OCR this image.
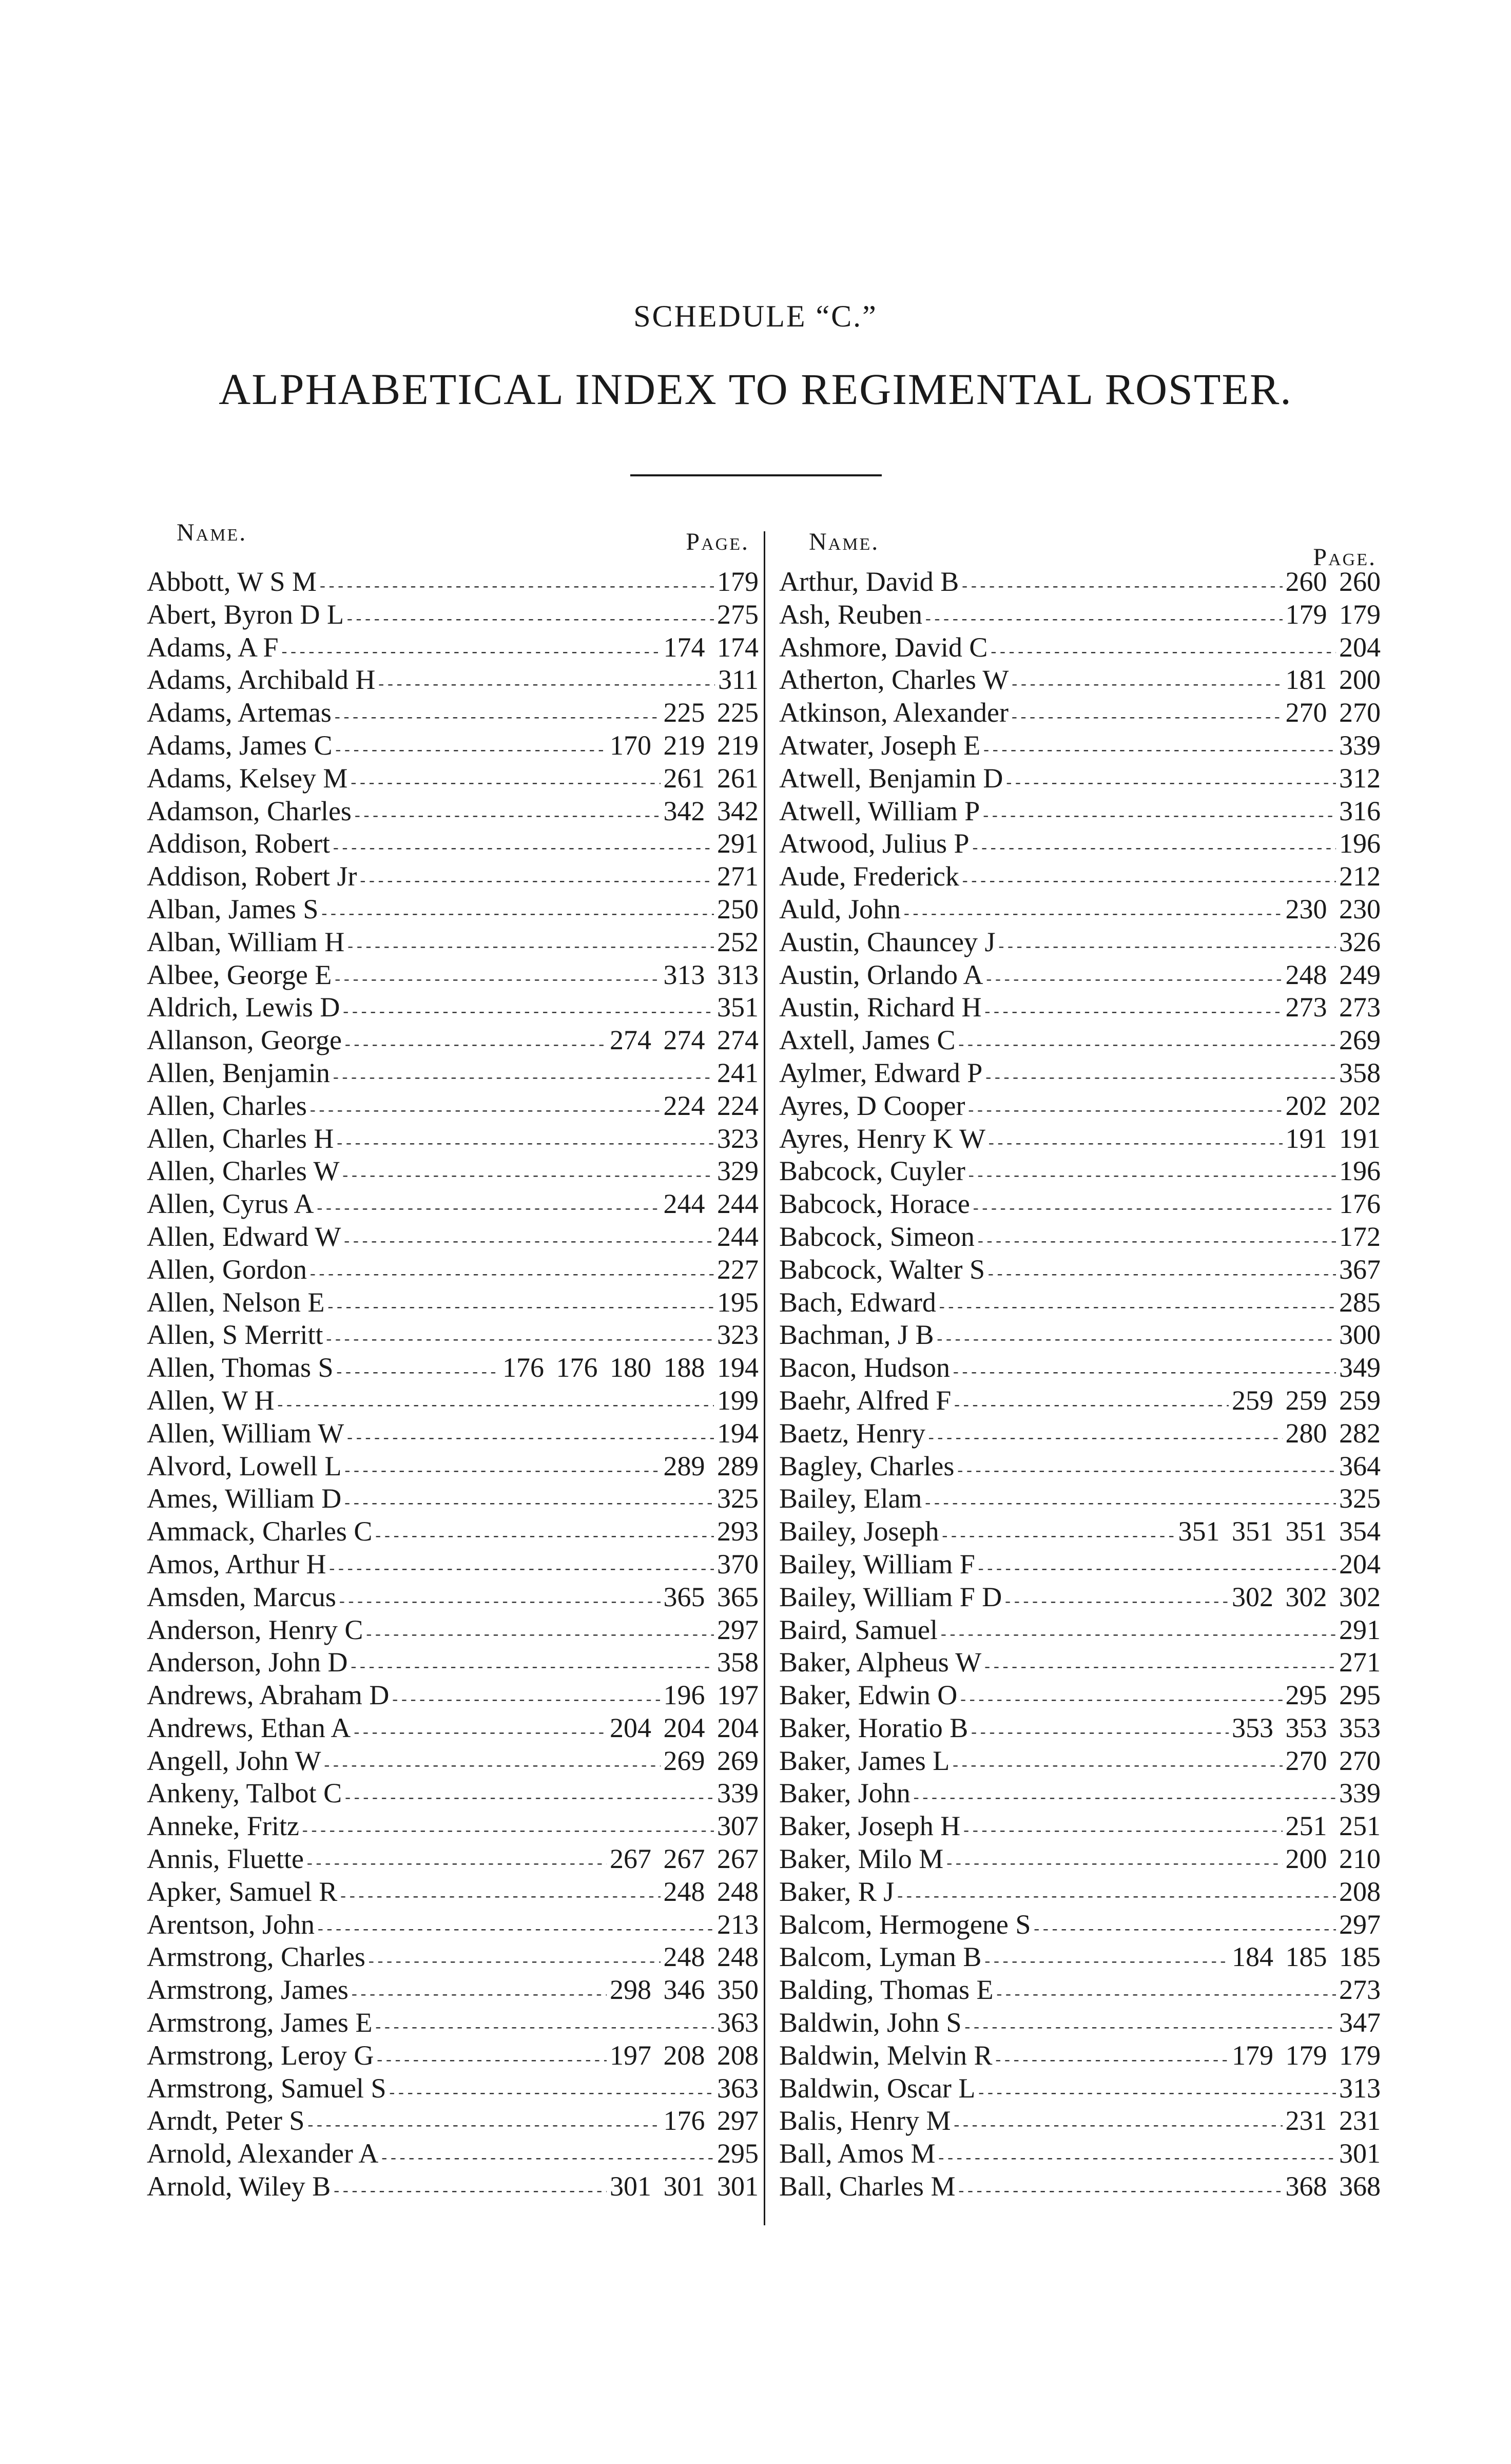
SCHEDULE “C.”
ALPHABETICAL INDEX TO REGIMENTAL ROSTER.
Name.	Page.
Abbott, W S M -----	179
Abert, Byron D L -----	275
Adams, A F -----	174 174
Adams, Archibald H -----	311
Adams, Artemas -----	225 225
Adams, James C -----	170 219 219
Adams, Kelsey M -----	261 261
Adamson, Charles -----	342 342
Addison, Robert -----	291
Addison, Robert Jr -----	271
Alban, James S -----	250
Alban, William H -----	252
Albee, George E -----	313 313
Aldrich, Lewis D -----	351
Allanson, George -----	274 274 274
Allen, Benjamin -----	241
Allen, Charles -----	224 224
Allen, Charles H -----	323
Allen, Charles W -----	329
Allen, Cyrus A -----	244 244
Allen, Edward W -----	244
Allen, Gordon -----	227
Allen, Nelson E -----	195
Allen, S Merritt -----	323
Allen, Thomas S -----	176 176 180 188 194
Allen, W H -----	199
Allen, William W -----	194
Alvord, Lowell L -----	289 289
Ames, William D -----	325
Ammack, Charles C -----	293
Amos, Arthur H -----	370
Amsden, Marcus -----	365 365
Anderson, Henry C -----	297
Anderson, John D -----	358
Andrews, Abraham D -----	196 197
Andrews, Ethan A -----	204 204 204
Angell, John W -----	269 269
Ankeny, Talbot C -----	339
Anneke, Fritz -----	307
Annis, Fluette -----	267 267 267
Apker, Samuel R -----	248 248
Arentson, John -----	213
Armstrong, Charles -----	248 248
Armstrong, James -----	298 346 350
Armstrong, James E -----	363
Armstrong, Leroy G -----	197 208 208
Armstrong, Samuel S -----	363
Arndt, Peter S -----	176 297
Arnold, Alexander A -----	295
Arnold, Wiley B -----	301 301 301
Name.
Page.
Arthur, David B -----	260 260
Ash, Reuben -----	179 179
Ashmore, David C -----	204
Atherton, Charles W -----	181 200
Atkinson, Alexander -----	270 270
Atwater, Joseph E -----	339
Atwell, Benjamin D -----	312
Atwell, William P -----	316
Atwood, Julius P -----	196
Aude, Frederick -----	212
Auld, John -----	230 230
Austin, Chauncey J -----	326
Austin, Orlando A -----	248 249
Austin, Richard H -----	273 273
Axtell, James C -----	269
Aylmer, Edward P -----	358
Ayres, D Cooper -----	202 202
Ayres, Henry K W -----	191 191
Babcock, Cuyler -----	196
Babcock, Horace -----	176
Babcock, Simeon -----	172
Babcock, Walter S -----	367
Bach, Edward -----	285
Bachman, J B -----	300
Bacon, Hudson -----	349
Baehr, Alfred F -----	259 259 259
Baetz, Henry -----	280 282
Bagley, Charles -----	364
Bailey, Elam -----	325
Bailey, Joseph -----	351 351 351 354
Bailey, William F -----	204
Bailey, William F D -----	302 302 302
Baird, Samuel -----	291
Baker, Alpheus W -----	271
Baker, Edwin O -----	295 295
Baker, Horatio B -----	353 353 353
Baker, James L -----	270 270
Baker, John -----	339
Baker, Joseph H -----	251 251
Baker, Milo M -----	200 210
Baker, R J -----	208
Balcom, Hermogene S -----	297
Balcom, Lyman B -----	184 185 185
Balding, Thomas E -----	273
Baldwin, John S -----	347
Baldwin, Melvin R -----	179 179 179
Baldwin, Oscar L -----	313
Balis, Henry M -----	231 231
Ball, Amos M -----	301
Ball, Charles M -----	368 368
